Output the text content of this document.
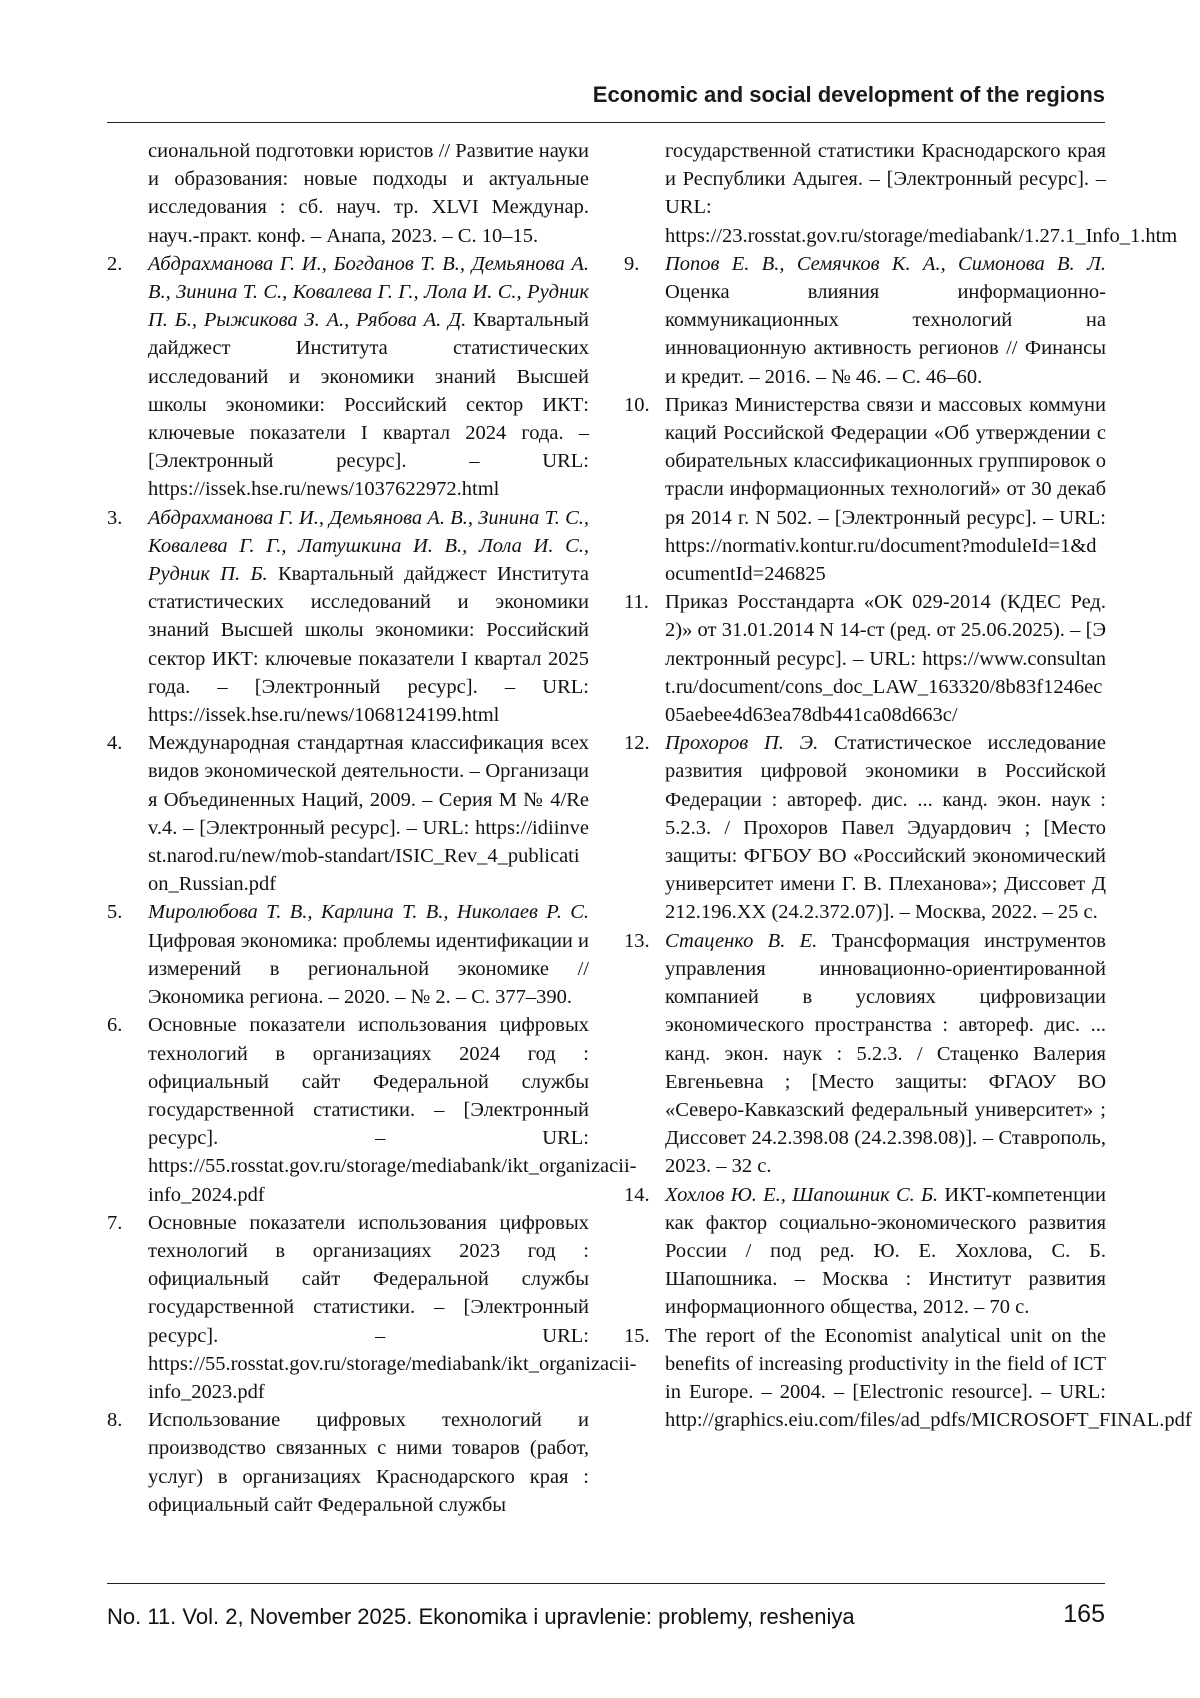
Economic and social development of the regions
сиональной подготовки юристов // Развитие науки и образования: новые подходы и актуальные исследования : сб. науч. тр. XLVI Междунар. науч.-практ. конф. – Анапа, 2023. – С. 10–15.
2. Абдрахманова Г. И., Богданов Т. В., Демьянова А. В., Зинина Т. С., Ковалева Г. Г., Лола И. С., Рудник П. Б., Рыжикова З. А., Рябова А. Д. Квартальный дайджест Института статистических исследований и экономики знаний Высшей школы экономики: Российский сектор ИКТ: ключевые показатели I квартал 2024 года. – [Электронный ресурс]. – URL: https://issek.hse.ru/news/1037622972.html
3. Абдрахманова Г. И., Демьянова А. В., Зинина Т. С., Ковалева Г. Г., Латушкина И. В., Лола И. С., Рудник П. Б. Квартальный дайджест Института статистических исследований и экономики знаний Высшей школы экономики: Российский сектор ИКТ: ключевые показатели I квартал 2025 года. – [Электронный ресурс]. – URL: https://issek.hse.ru/news/1068124199.html
4. Международная стандартная классификация всех видов экономической деятельности. – Организация Объединенных Наций, 2009. – Серия М № 4/Rev.4. – [Электронный ресурс]. – URL: https://idiinvest.narod.ru/new/mob-standart/ISIC_Rev_4_publication_Russian.pdf
5. Миролюбова Т. В., Карлина Т. В., Николаев Р. С. Цифровая экономика: проблемы идентификации и измерений в региональной экономике // Экономика региона. – 2020. – № 2. – С. 377–390.
6. Основные показатели использования цифровых технологий в организациях 2024 год : официальный сайт Федеральной службы государственной статистики. – [Электронный ресурс]. – URL: https://55.rosstat.gov.ru/storage/mediabank/ikt_organizacii-info_2024.pdf
7. Основные показатели использования цифровых технологий в организациях 2023 год : официальный сайт Федеральной службы государственной статистики. – [Электронный ресурс]. – URL: https://55.rosstat.gov.ru/storage/mediabank/ikt_organizacii-info_2023.pdf
8. Использование цифровых технологий и производство связанных с ними товаров (работ, услуг) в организациях Краснодарского края : официальный сайт Федеральной службы
государственной статистики Краснодарского края и Республики Адыгея. – [Электронный ресурс]. – URL: https://23.rosstat.gov.ru/storage/mediabank/1.27.1_Info_1.htm
9. Попов Е. В., Семячков К. А., Симонова В. Л. Оценка влияния информационно-коммуникационных технологий на инновационную активность регионов // Финансы и кредит. – 2016. – № 46. – С. 46–60.
10. Приказ Министерства связи и массовых коммуникаций Российской Федерации «Об утверждении собирательных классификационных группировок отрасли информационных технологий» от 30 декабря 2014 г. N 502. – [Электронный ресурс]. – URL: https://normativ.kontur.ru/document?moduleId=1&documentId=246825
11. Приказ Росстандарта «ОК 029-2014 (КДЕС Ред. 2)» от 31.01.2014 N 14-ст (ред. от 25.06.2025). – [Электронный ресурс]. – URL: https://www.consultant.ru/document/cons_doc_LAW_163320/8b83f1246ec05aebee4d63ea78db441ca08d663c/
12. Прохоров П. Э. Статистическое исследование развития цифровой экономики в Российской Федерации : автореф. дис. ... канд. экон. наук : 5.2.3. / Прохоров Павел Эдуардович ; [Место защиты: ФГБОУ ВО «Российский экономический университет имени Г. В. Плеханова»; Диссовет Д 212.196.XX (24.2.372.07)]. – Москва, 2022. – 25 с.
13. Стаценко В. Е. Трансформация инструментов управления инновационно-ориентированной компанией в условиях цифровизации экономического пространства : автореф. дис. ... канд. экон. наук : 5.2.3. / Стаценко Валерия Евгеньевна ; [Место защиты: ФГАОУ ВО «Северо-Кавказский федеральный университет» ; Диссовет 24.2.398.08 (24.2.398.08)]. – Ставрополь, 2023. – 32 с.
14. Хохлов Ю. Е., Шапошник С. Б. ИКТ-компетенции как фактор социально-экономического развития России / под ред. Ю. Е. Хохлова, С. Б. Шапошника. – Москва : Институт развития информационного общества, 2012. – 70 с.
15. The report of the Economist analytical unit on the benefits of increasing productivity in the field of ICT in Europe. – 2004. – [Electronic resource]. – URL: http://graphics.eiu.com/files/ad_pdfs/MICROSOFT_FINAL.pdf
No. 11. Vol. 2, November 2025. Ekonomika i upravlenie: problemy, resheniya	165
